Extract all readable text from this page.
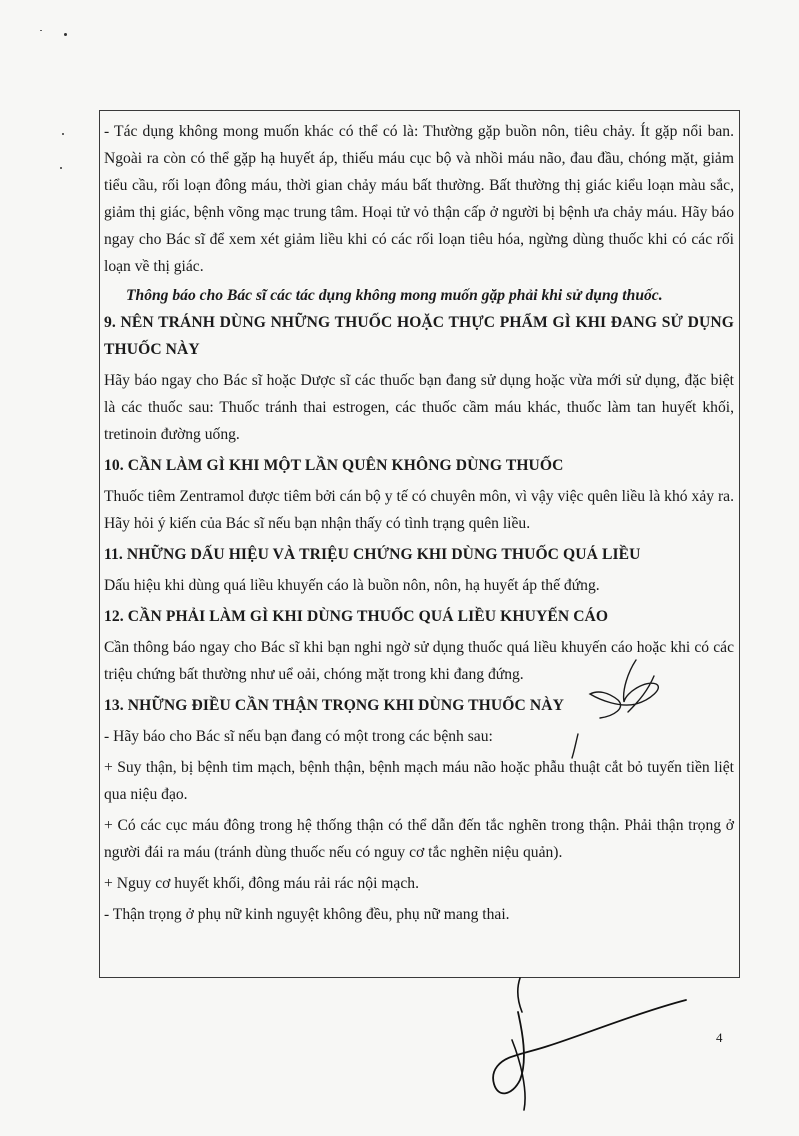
- Tác dụng không mong muốn khác có thể có là: Thường gặp buồn nôn, tiêu chảy. Ít gặp nổi ban. Ngoài ra còn có thể gặp hạ huyết áp, thiếu máu cục bộ và nhồi máu não, đau đầu, chóng mặt, giảm tiểu cầu, rối loạn đông máu, thời gian chảy máu bất thường. Bất thường thị giác kiểu loạn màu sắc, giảm thị giác, bệnh võng mạc trung tâm. Hoại tử vỏ thận cấp ở người bị bệnh ưa chảy máu. Hãy báo ngay cho Bác sĩ để xem xét giảm liều khi có các rối loạn tiêu hóa, ngừng dùng thuốc khi có các rối loạn về thị giác.

Thông báo cho Bác sĩ các tác dụng không mong muốn gặp phải khi sử dụng thuốc.

9. NÊN TRÁNH DÙNG NHỮNG THUỐC HOẶC THỰC PHẨM GÌ KHI ĐANG SỬ DỤNG THUỐC NÀY

Hãy báo ngay cho Bác sĩ hoặc Dược sĩ các thuốc bạn đang sử dụng hoặc vừa mới sử dụng, đặc biệt là các thuốc sau: Thuốc tránh thai estrogen, các thuốc cầm máu khác, thuốc làm tan huyết khối, tretinoin đường uống.

10. CẦN LÀM GÌ KHI MỘT LẦN QUÊN KHÔNG DÙNG THUỐC

Thuốc tiêm Zentramol được tiêm bởi cán bộ y tế có chuyên môn, vì vậy việc quên liều là khó xảy ra. Hãy hỏi ý kiến của Bác sĩ nếu bạn nhận thấy có tình trạng quên liều.

11. NHỮNG DẤU HIỆU VÀ TRIỆU CHỨNG KHI DÙNG THUỐC QUÁ LIỀU

Dấu hiệu khi dùng quá liều khuyến cáo là buồn nôn, nôn, hạ huyết áp thế đứng.

12. CẦN PHẢI LÀM GÌ KHI DÙNG THUỐC QUÁ LIỀU KHUYẾN CÁO

Cần thông báo ngay cho Bác sĩ khi bạn nghi ngờ sử dụng thuốc quá liều khuyến cáo hoặc khi có các triệu chứng bất thường như uể oải, chóng mặt trong khi đang đứng.

13. NHỮNG ĐIỀU CẦN THẬN TRỌNG KHI DÙNG THUỐC NÀY

- Hãy báo cho Bác sĩ nếu bạn đang có một trong các bệnh sau:

+ Suy thận, bị bệnh tim mạch, bệnh thận, bệnh mạch máu não hoặc phẫu thuật cắt bỏ tuyến tiền liệt qua niệu đạo.

+ Có các cục máu đông trong hệ thống thận có thể dẫn đến tắc nghẽn trong thận. Phải thận trọng ở người đái ra máu (tránh dùng thuốc nếu có nguy cơ tắc nghẽn niệu quản).

+ Nguy cơ huyết khối, đông máu rải rác nội mạch.

- Thận trọng ở phụ nữ kinh nguyệt không đều, phụ nữ mang thai.

4
